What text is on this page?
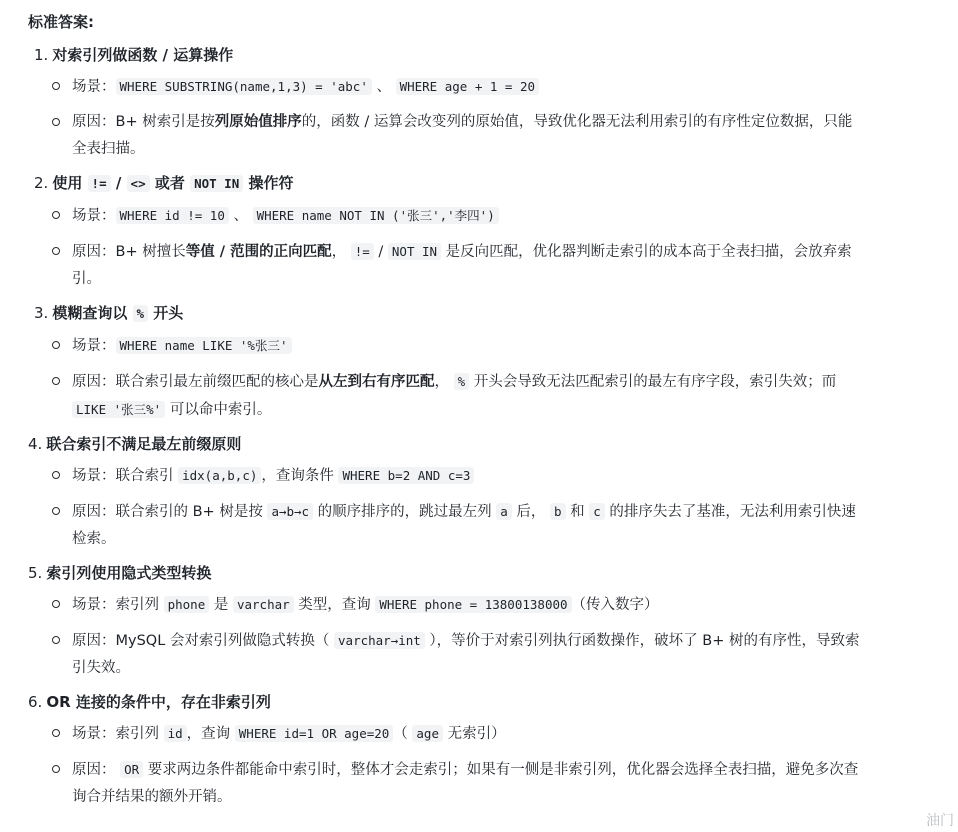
标准答案:
1. 对索引列做函数 / 运算操作
场景： WHERE SUBSTRING(name,1,3) = 'abc' 、 WHERE age + 1 = 20
原因：B+ 树索引是按列原始值排序的，函数 / 运算会改变列的原始值，导致优化器无法利用索引的有序性定位数据，只能全表扫描。
2. 使用 != / <> 或者 NOT IN 操作符
场景： WHERE id != 10 、 WHERE name NOT IN ('张三','李四')
原因：B+ 树擅长等值 / 范围的正向匹配， != / NOT IN 是反向匹配，优化器判断走索引的成本高于全表扫描，会放弃索引。
3. 模糊查询以 % 开头
场景： WHERE name LIKE '%张三'
原因：联合索引最左前缀匹配的核心是从左到右有序匹配， % 开头会导致无法匹配索引的最左有序字段，索引失效；而 LIKE '张三%' 可以命中索引。
4. 联合索引不满足最左前缀原则
场景：联合索引 idx(a,b,c) ，查询条件 WHERE b=2 AND c=3
原因：联合索引的 B+ 树是按 a→b→c 的顺序排序的，跳过最左列 a 后， b 和 c 的排序失去了基准，无法利用索引快速检索。
5. 索引列使用隐式类型转换
场景：索引列 phone 是 varchar 类型，查询 WHERE phone = 13800138000 （传入数字）
原因：MySQL 会对索引列做隐式转换（ varchar→int ），等价于对索引列执行函数操作，破坏了 B+ 树的有序性，导致索引失效。
6. OR 连接的条件中，存在非索引列
场景：索引列 id ，查询 WHERE id=1 OR age=20 （ age 无索引）
原因： OR 要求两边条件都能命中索引时，整体才会走索引；如果有一侧是非索引列，优化器会选择全表扫描，避免多次查询合并结果的额外开销。
油门
